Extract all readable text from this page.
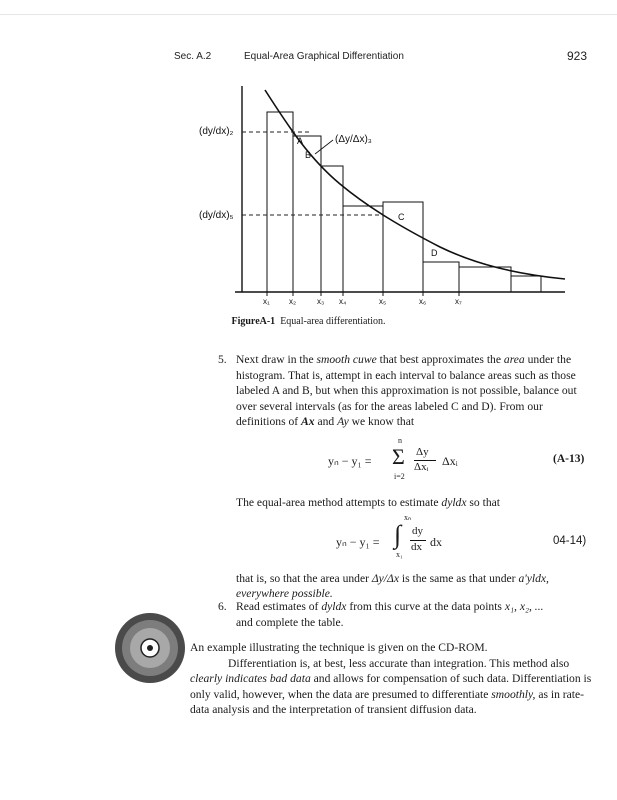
Sec. A.2	Equal-Area Graphical Differentiation	923
A
B
C
D
(dy/dx)₂
(dy/dx)₅
(Δy/Δx)₃
x₁ x₂	x₃ x₄	x₅	x₆	x₇
FigureA-1 Equal-area differentiation.
5. Next draw in the smooth cuwe that best approximates the area under the histogram. That is, attempt in each interval to balance areas such as those labeled A and B, but when this approximation is not possible, balance out over several intervals (as for the areas labeled C and D). From our definitions of Ax and Ay we know that
yₙ − y₁ =
n
Σ
i=2
Δy
Δxᵢ Δxᵢ	(A-13)
The equal-area method attempts to estimate dyldx so that
yₙ − y₁ =
xₙ
∫
x₁
dy
dx dx	04-14)
that is, so that the area under Δy/Δx is the same as that under a'yldx,
everywhere possible.
6. Read estimates of dyldx from this curve at the data points x₁, x₂, ...
and complete the table.

An example illustrating the technique is given on the CD-ROM.

Differentiation is, at best, less accurate than integration. This method also clearly indicates bad data and allows for compensation of such data. Differentiation is only valid, however, when the data are presumed to differentiate smoothly, as in rate-data analysis and the interpretation of transient diffusion data.
